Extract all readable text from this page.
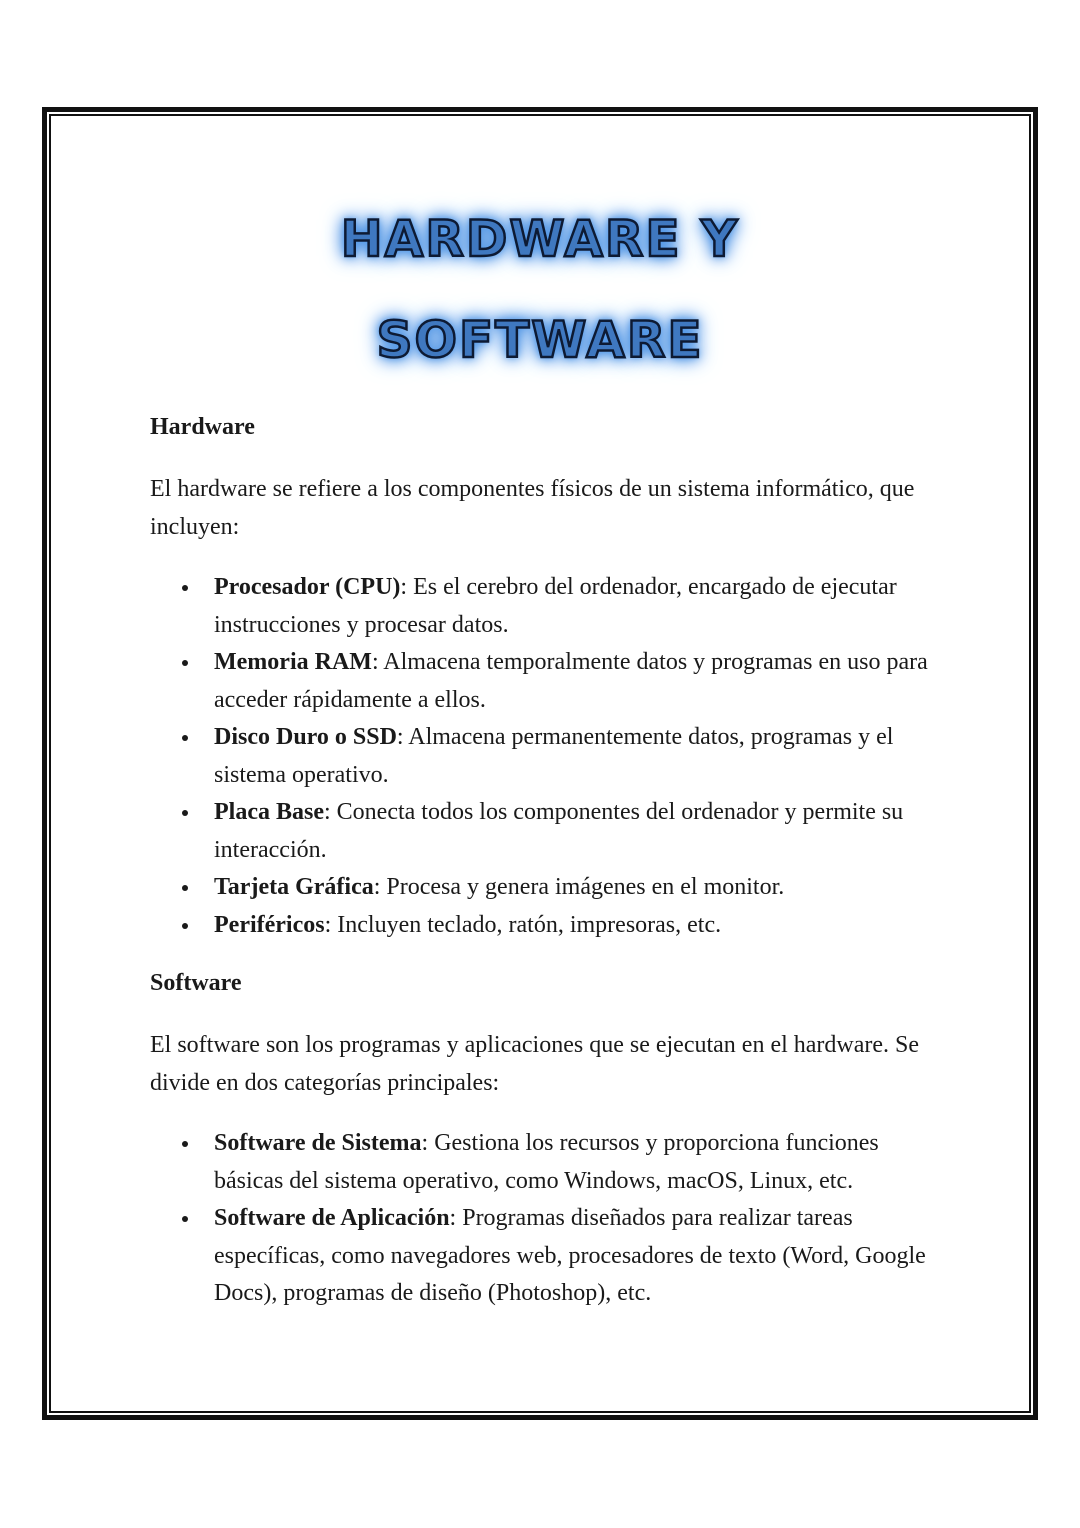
HARDWARE Y
SOFTWARE
Hardware

El hardware se refiere a los componentes físicos de un sistema informático, que incluyen:

Procesador (CPU): Es el cerebro del ordenador, encargado de ejecutar instrucciones y procesar datos.
Memoria RAM: Almacena temporalmente datos y programas en uso para acceder rápidamente a ellos.
Disco Duro o SSD: Almacena permanentemente datos, programas y el sistema operativo.
Placa Base: Conecta todos los componentes del ordenador y permite su interacción.
Tarjeta Gráfica: Procesa y genera imágenes en el monitor.
Periféricos: Incluyen teclado, ratón, impresoras, etc.
Software

El software son los programas y aplicaciones que se ejecutan en el hardware. Se divide en dos categorías principales:

Software de Sistema: Gestiona los recursos y proporciona funciones básicas del sistema operativo, como Windows, macOS, Linux, etc.
Software de Aplicación: Programas diseñados para realizar tareas específicas, como navegadores web, procesadores de texto (Word, Google Docs), programas de diseño (Photoshop), etc.
